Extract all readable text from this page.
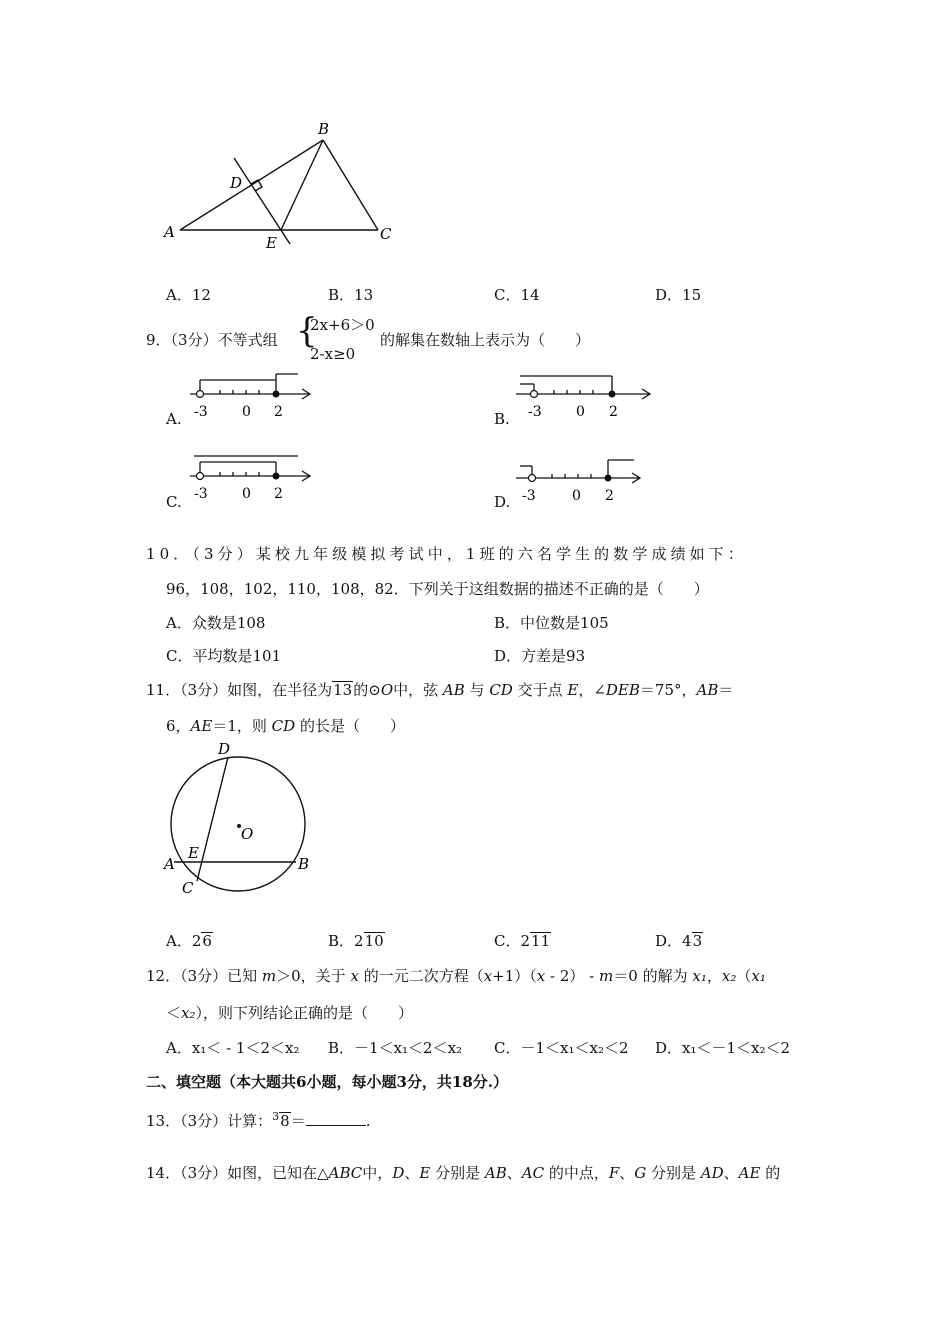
B
D
A
E	C
A．12	B．13	C．14	D．15
9．（3分）不等式组 {
2x+6＞0
2-x≥0
的解集在数轴上表示为（　　）
-3 0 2
A.	-3 0 2
B.
-3 0 2
C.	-3	0 2
D.
10．（3分）某校九年级模拟考试中，1班的六名学生的数学成绩如下：
96，108，102，110，108，82．下列关于这组数据的描述不正确的是（　　）
A．众数是108	B．中位数是105
C．平均数是101	D．方差是93
11．（3分）如图，在半径为13的⊙O中，弦 AB 与 CD 交于点 E，∠DEB＝75°，AB＝
6，AE＝1，则 CD 的长是（　　）
D
O
A
E
B
C
A．26	B．210	C．211	D．43
12．（3分）已知 m＞0，关于 x 的一元二次方程（x+1）（x - 2） - m＝0 的解为 x₁，x₂（x₁
＜x₂），则下列结论正确的是（　　）
A．x₁＜ - 1＜2＜x₂ B．－1＜x₁＜2＜x₂ C．－1＜x₁＜x₂＜2 D．x₁＜－1＜x₂＜2
二、填空题（本大题共6小题，每小题3分，共18分.）
13．（3分）计算：$^3$8＝	.
14．（3分）如图，已知在△ABC中，D、E 分别是 AB、AC 的中点，F、G 分别是 AD、AE 的
